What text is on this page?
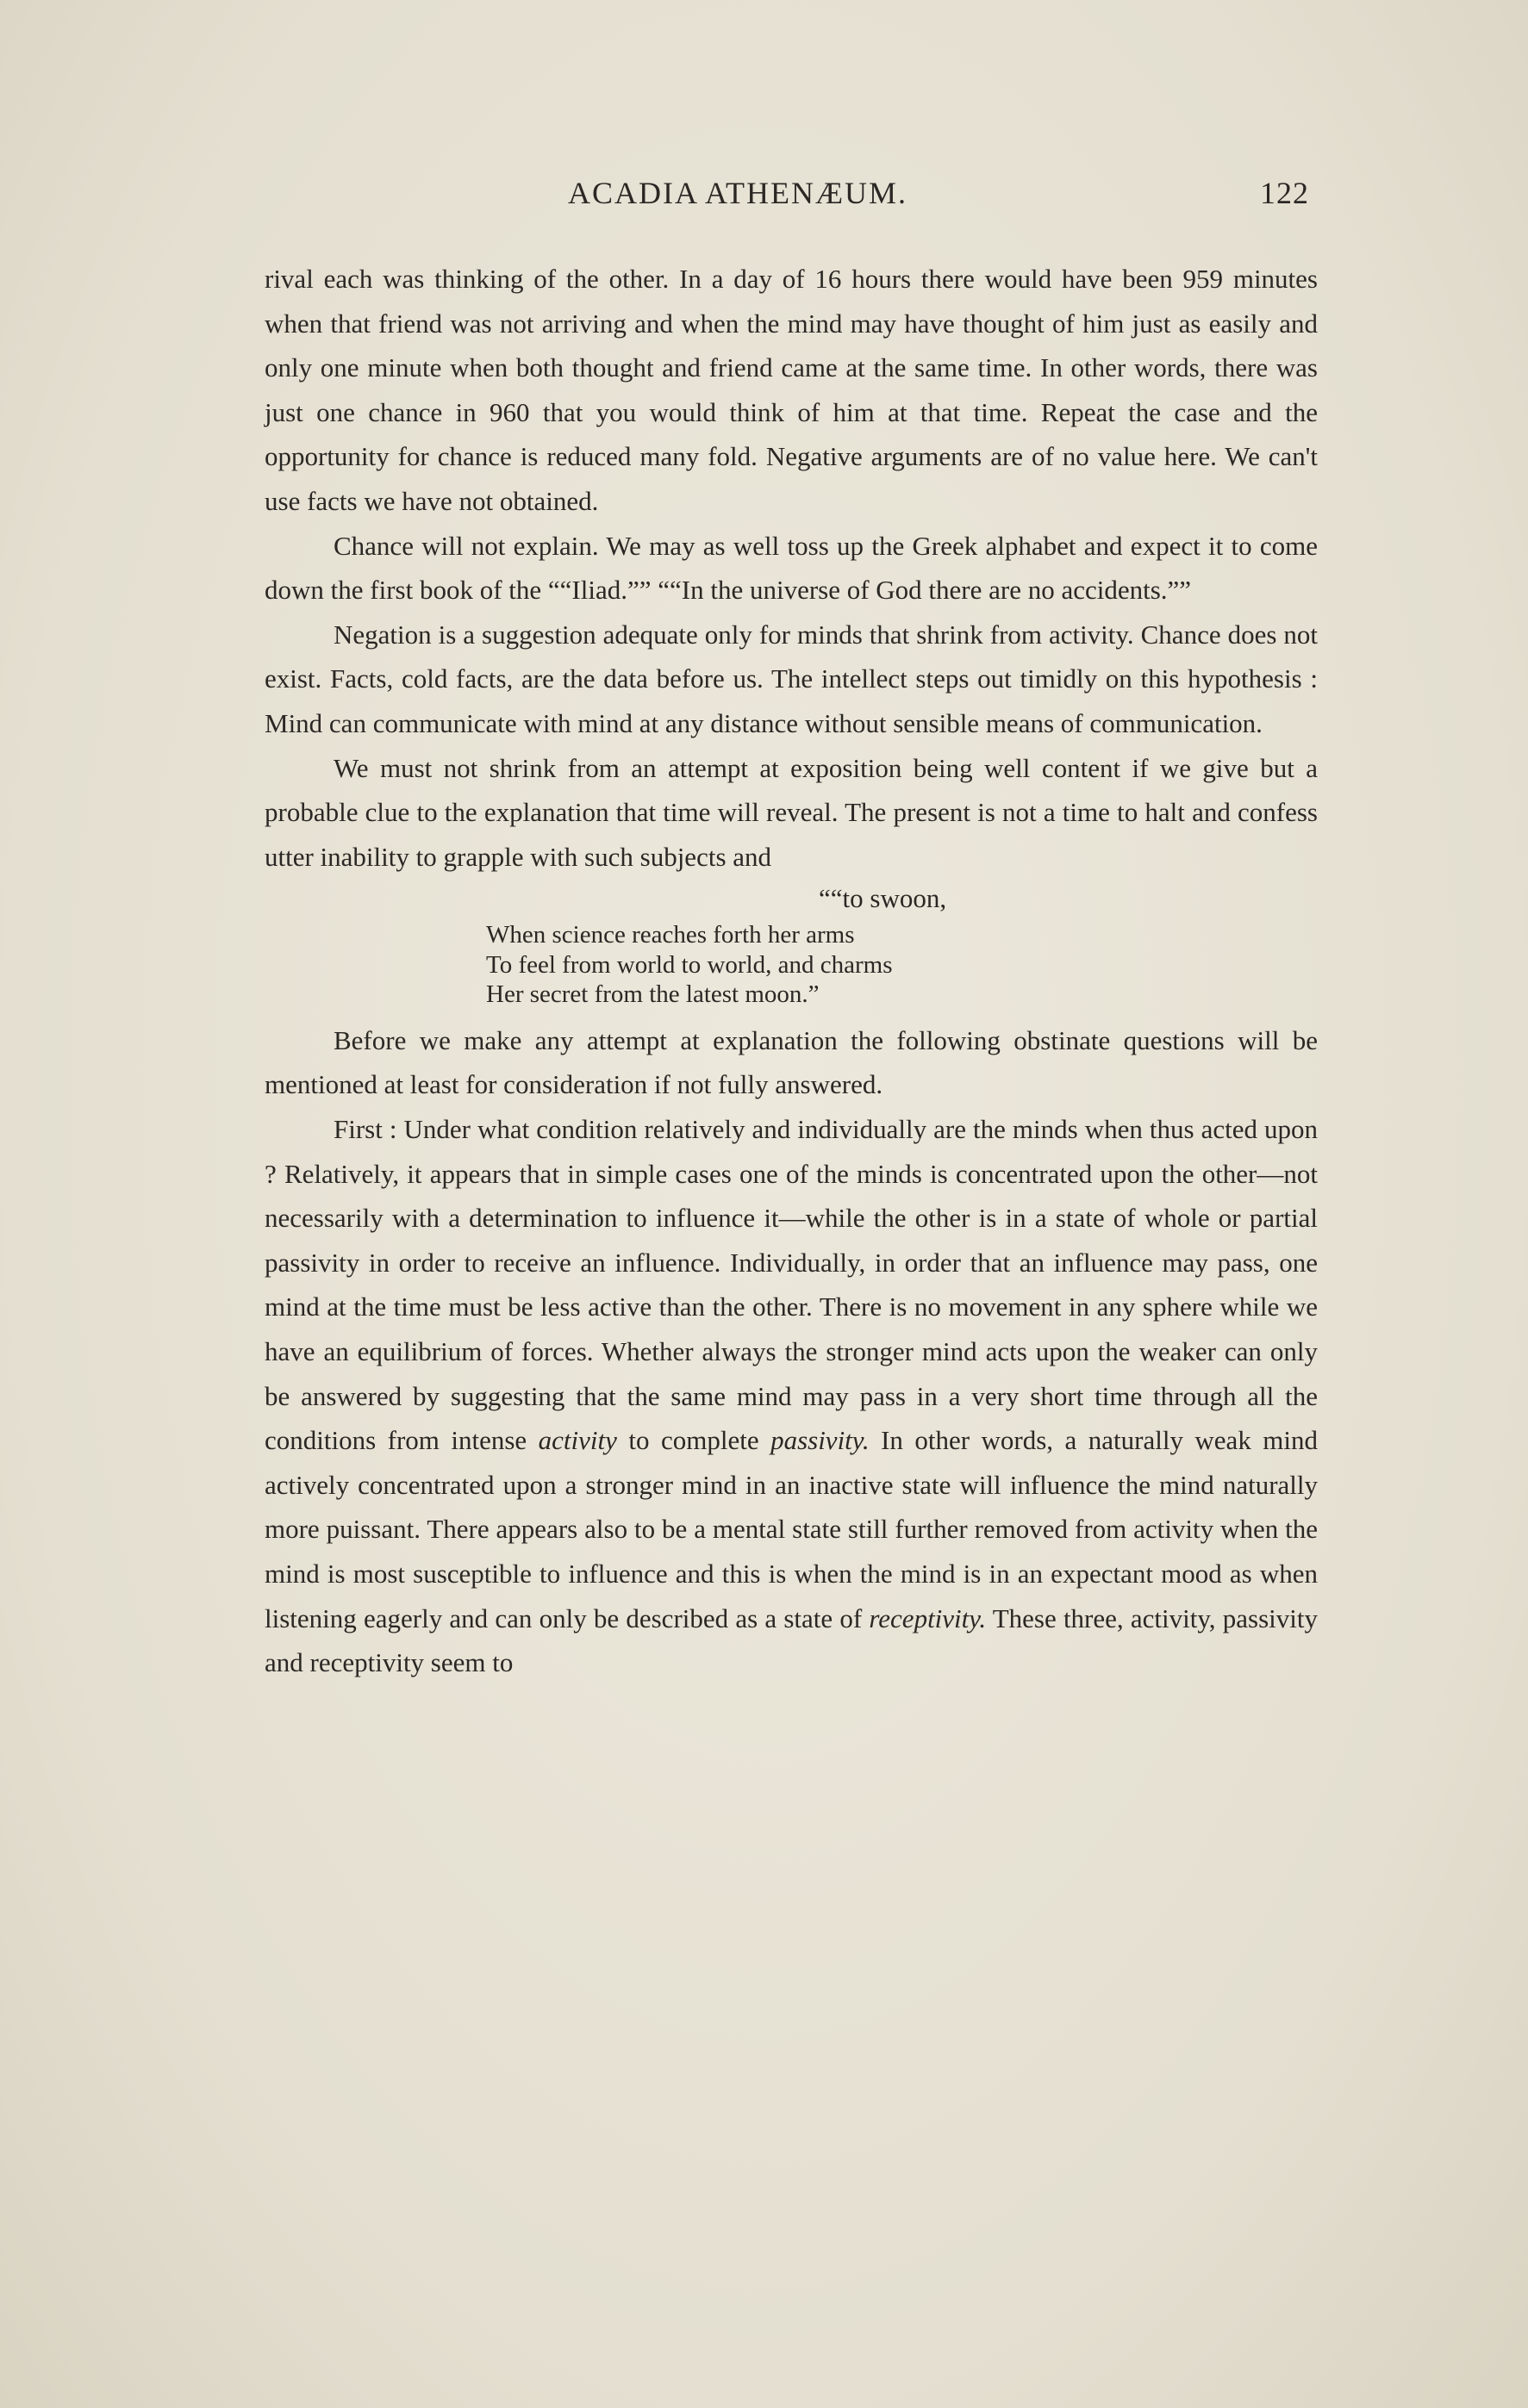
ACADIA ATHENÆUM.	122

rival each was thinking of the other. In a day of 16 hours there would have been 959 minutes when that friend was not arriving and when the mind may have thought of him just as easily and only one minute when both thought and friend came at the same time. In other words, there was just one chance in 960 that you would think of him at that time. Repeat the case and the opportunity for chance is reduced many fold. Negative arguments are of no value here. We can't use facts we have not obtained.

Chance will not explain. We may as well toss up the Greek alphabet and expect it to come down the first book of the ““Iliad.”” ““In the universe of God there are no accidents.””

Negation is a suggestion adequate only for minds that shrink from activity. Chance does not exist. Facts, cold facts, are the data before us. The intellect steps out timidly on this hypothesis : Mind can communicate with mind at any distance without sensible means of communication.

We must not shrink from an attempt at exposition being well content if we give but a probable clue to the explanation that time will reveal. The present is not a time to halt and confess utter inability to grapple with such subjects and

““to swoon,
When science reaches forth her arms
To feel from world to world, and charms
Her secret from the latest moon.”

Before we make any attempt at explanation the following obstinate questions will be mentioned at least for consideration if not fully answered.

First : Under what condition relatively and individually are the minds when thus acted upon ? Relatively, it appears that in simple cases one of the minds is concentrated upon the other—not necessarily with a determination to influence it—while the other is in a state of whole or partial passivity in order to receive an influence. Individually, in order that an influence may pass, one mind at the time must be less active than the other. There is no movement in any sphere while we have an equilibrium of forces. Whether always the stronger mind acts upon the weaker can only be answered by suggesting that the same mind may pass in a very short time through all the conditions from intense activity to complete passivity. In other words, a naturally weak mind actively concentrated upon a stronger mind in an inactive state will influence the mind naturally more puissant. There appears also to be a mental state still further removed from activity when the mind is most susceptible to influence and this is when the mind is in an expectant mood as when listening eagerly and can only be described as a state of receptivity. These three, activity, passivity and receptivity seem to
